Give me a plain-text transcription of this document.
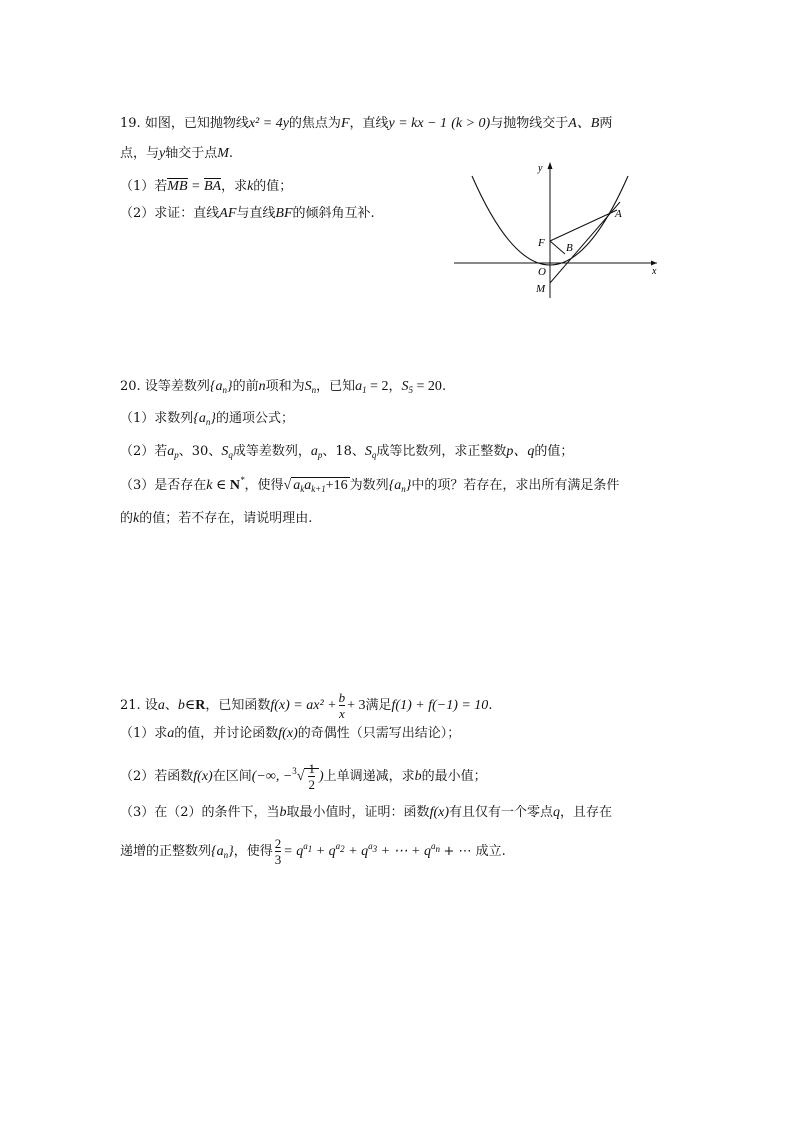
19. 如图，已知抛物线x² = 4y的焦点为F，直线y = kx − 1 (k > 0)与抛物线交于A、B两
点，与y轴交于点M.
（1）若MB = BA，求k的值；
（2）求证：直线AF与直线BF的倾斜角互补.
y
x
F B
A
O
M
20. 设等差数列$\{a_n\}$的前n项和为$S_n$，已知$a_1 = 2$，$S_5 = 20$.
（1）求数列$\{a_n\}$的通项公式；
（2）若$a_p$、30、$S_q$成等差数列，$a_p$、18、$S_q$成等比数列，求正整数p、q的值；
（3）是否存在k ∈ N*，使得√ $a_ka_{k+1}+16$ 为数列$\{a_n\}$中的项？若存在，求出所有满足条件
的k的值；若不存在，请说明理由.
21. 设a、b∈R，已知函数$f(x) = ax^2 + \frac{b}{x} + 3$满足f(1) + f(−1) = 10.
（1）求a的值，并讨论函数f(x)的奇偶性（只需写出结论）；
（2）若函数f(x)在区间(−∞, $-^3√ \frac{1}{2}$ )上单调递减，求b的最小值；
（3）在（2）的条件下，当b取最小值时，证明：函数f(x)有且仅有一个零点q，且存在
递增的正整数列$\{a_n\}$，使得 $\frac{2}{3} = q^{a_1} + q^{a_2} + q^{a_3}$ + ⋯ + $q^{a_n}$ + ⋯ 成立.
